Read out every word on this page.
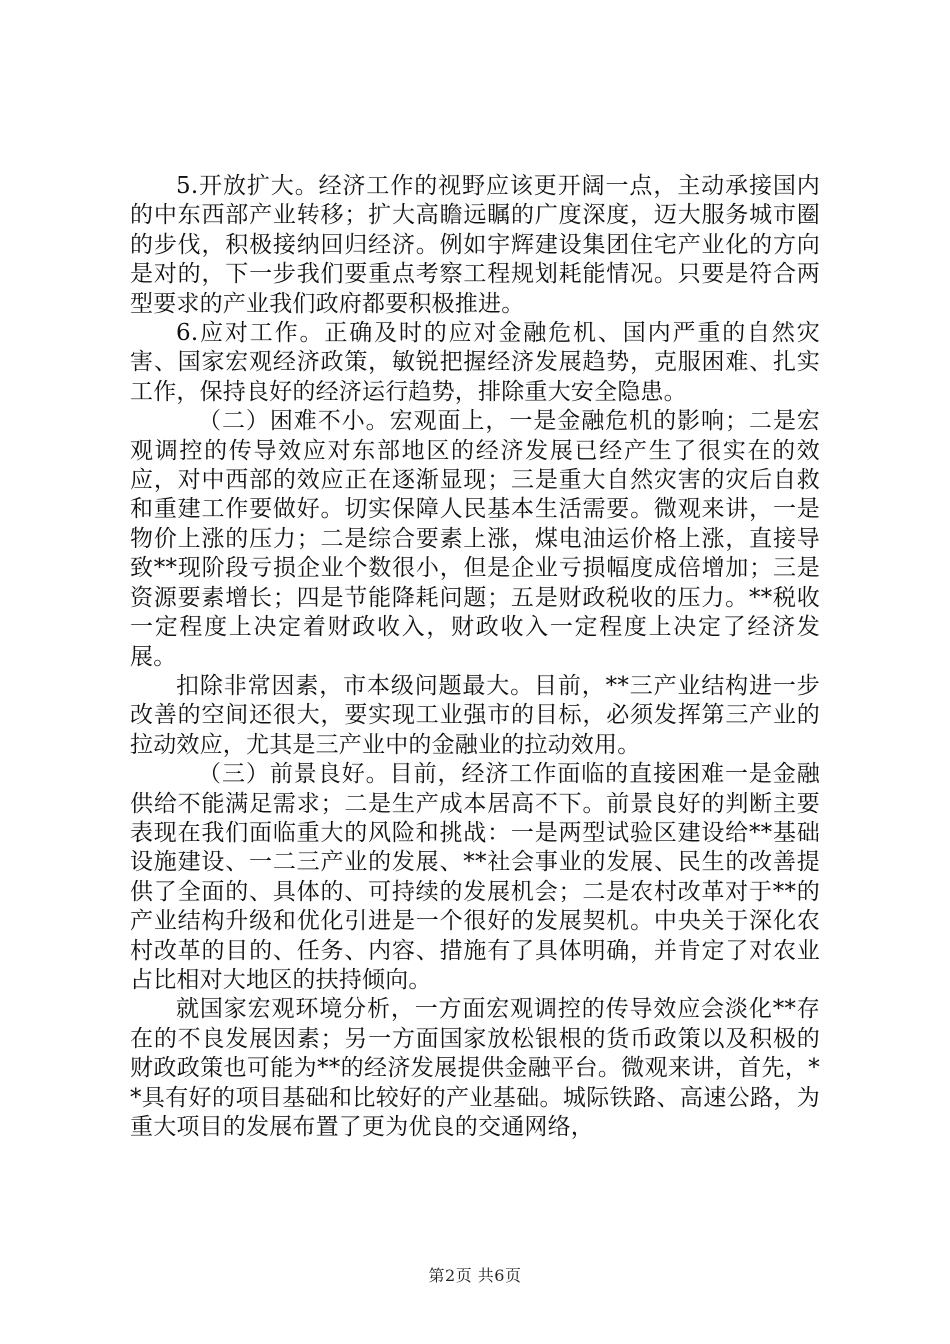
5.开放扩大。经济工作的视野应该更开阔一点，主动承接国内的中东西部产业转移；扩大高瞻远瞩的广度深度，迈大服务城市圈的步伐，积极接纳回归经济。例如宇辉建设集团住宅产业化的方向是对的，下一步我们要重点考察工程规划耗能情况。只要是符合两型要求的产业我们政府都要积极推进。

6.应对工作。正确及时的应对金融危机、国内严重的自然灾害、国家宏观经济政策，敏锐把握经济发展趋势，克服困难、扎实工作，保持良好的经济运行趋势，排除重大安全隐患。

（二）困难不小。宏观面上，一是金融危机的影响；二是宏观调控的传导效应对东部地区的经济发展已经产生了很实在的效应，对中西部的效应正在逐渐显现；三是重大自然灾害的灾后自救和重建工作要做好。切实保障人民基本生活需要。微观来讲，一是物价上涨的压力；二是综合要素上涨，煤电油运价格上涨，直接导致**现阶段亏损企业个数很小，但是企业亏损幅度成倍增加；三是资源要素增长；四是节能降耗问题；五是财政税收的压力。**税收一定程度上决定着财政收入，财政收入一定程度上决定了经济发展。

扣除非常因素，市本级问题最大。目前，**三产业结构进一步改善的空间还很大，要实现工业强市的目标，必须发挥第三产业的拉动效应，尤其是三产业中的金融业的拉动效用。

（三）前景良好。目前，经济工作面临的直接困难一是金融供给不能满足需求；二是生产成本居高不下。前景良好的判断主要表现在我们面临重大的风险和挑战：一是两型试验区建设给**基础设施建设、一二三产业的发展、**社会事业的发展、民生的改善提供了全面的、具体的、可持续的发展机会；二是农村改革对于**的产业结构升级和优化引进是一个很好的发展契机。中央关于深化农村改革的目的、任务、内容、措施有了具体明确，并肯定了对农业占比相对大地区的扶持倾向。

就国家宏观环境分析，一方面宏观调控的传导效应会淡化**存在的不良发展因素；另一方面国家放松银根的货币政策以及积极的财政政策也可能为**的经济发展提供金融平台。微观来讲，首先，**具有好的项目基础和比较好的产业基础。城际铁路、高速公路，为重大项目的发展布置了更为优良的交通网络，

第2页 共6页
